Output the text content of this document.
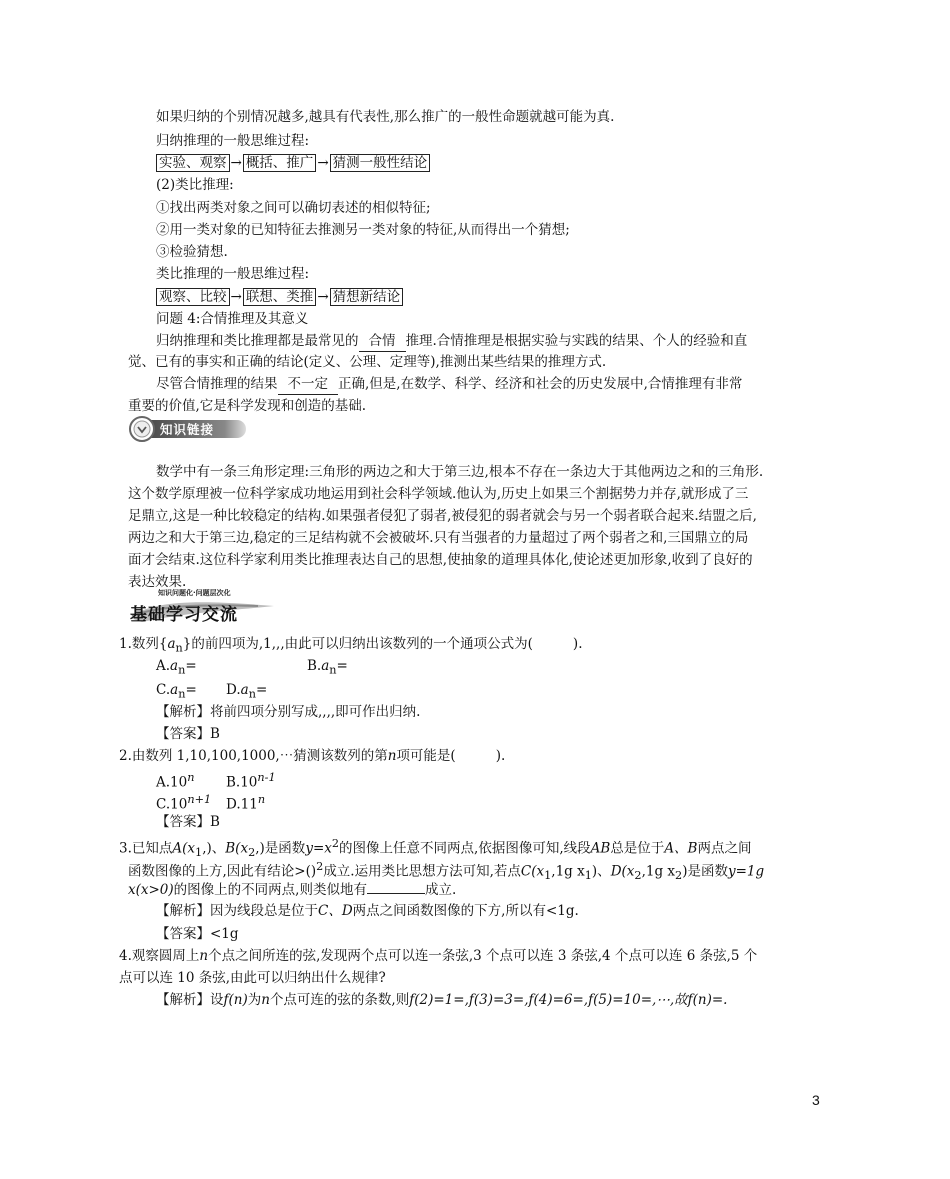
如果归纳的个别情况越多,越具有代表性,那么推广的一般性命题就越可能为真.
归纳推理的一般思维过程:
实验、观察 → 概括、推广 → 猜测一般性结论
(2)类比推理:
①找出两类对象之间可以确切表述的相似特征;
②用一类对象的已知特征去推测另一类对象的特征,从而得出一个猜想;
③检验猜想.
类比推理的一般思维过程:
观察、比较 → 联想、类推 → 猜想新结论
问题 4:合情推理及其意义
归纳推理和类比推理都是最常见的 合情 推理.合情推理是根据实验与实践的结果、个人的经验和直
觉、已有的事实和正确的结论(定义、公理、定理等),推测出某些结果的推理方式.
尽管合情推理的结果 不一定 正确,但是,在数学、科学、经济和社会的历史发展中,合情推理有非常
重要的价值,它是科学发现和创造的基础.
知识链接
数学中有一条三角形定理:三角形的两边之和大于第三边,根本不存在一条边大于其他两边之和的三角形.
这个数学原理被一位科学家成功地运用到社会科学领域.他认为,历史上如果三个割据势力并存,就形成了三
足鼎立,这是一种比较稳定的结构.如果强者侵犯了弱者,被侵犯的弱者就会与另一个弱者联合起来.结盟之后,
两边之和大于第三边,稳定的三足结构就不会被破坏.只有当强者的力量超过了两个弱者之和,三国鼎立的局
面才会结束.这位科学家利用类比推理表达自己的思想,使抽象的道理具体化,使论述更加形象,收到了良好的
表达效果.
知识问题化·问题层次化
基础学习交流
1.数列$\{a_n\}$的前四项为,1,,,由此可以归纳出该数列的一个通项公式为(	).
$A.a_n=$	$B.a_n=$
$C.a_n= D.a_n=$
【解析】将前四项分别写成,,,,即可作出归纳.
【答案】B
2.由数列 1,10,100,1000,⋯猜测该数列的第n项可能是(	).
A.10$^n$ B.10$^{n-1}$
$C.10^{n+1}$ D.11$^n$
【答案】B
3.已知点$A(x_1,)$、$B(x_2,)$是函数$y=x^2$的图像上任意不同两点,依据图像可知,线段AB总是位于A、B两点之间
函数图像的上方,因此有结论>()$^2$成立.运用类比思想方法可知,若点$C(x_1,1g$ $x_1$)、$D(x_2,1g$ $x_2$)是函数y=1g
x(x>0)的图像上的不同两点,则类似地有	成立.
【解析】因为线段总是位于C、D两点之间函数图像的下方,所以有<1g.
【答案】<1g
4.观察圆周上n个点之间所连的弦,发现两个点可以连一条弦,3 个点可以连 3 条弦,4 个点可以连 6 条弦,5 个
点可以连 10 条弦,由此可以归纳出什么规律?
【解析】设f(n)为n个点可连的弦的条数,则f(2)=1=,f(3)=3=,f(4)=6=,f(5)=10=,⋯,故f(n)=.
3
